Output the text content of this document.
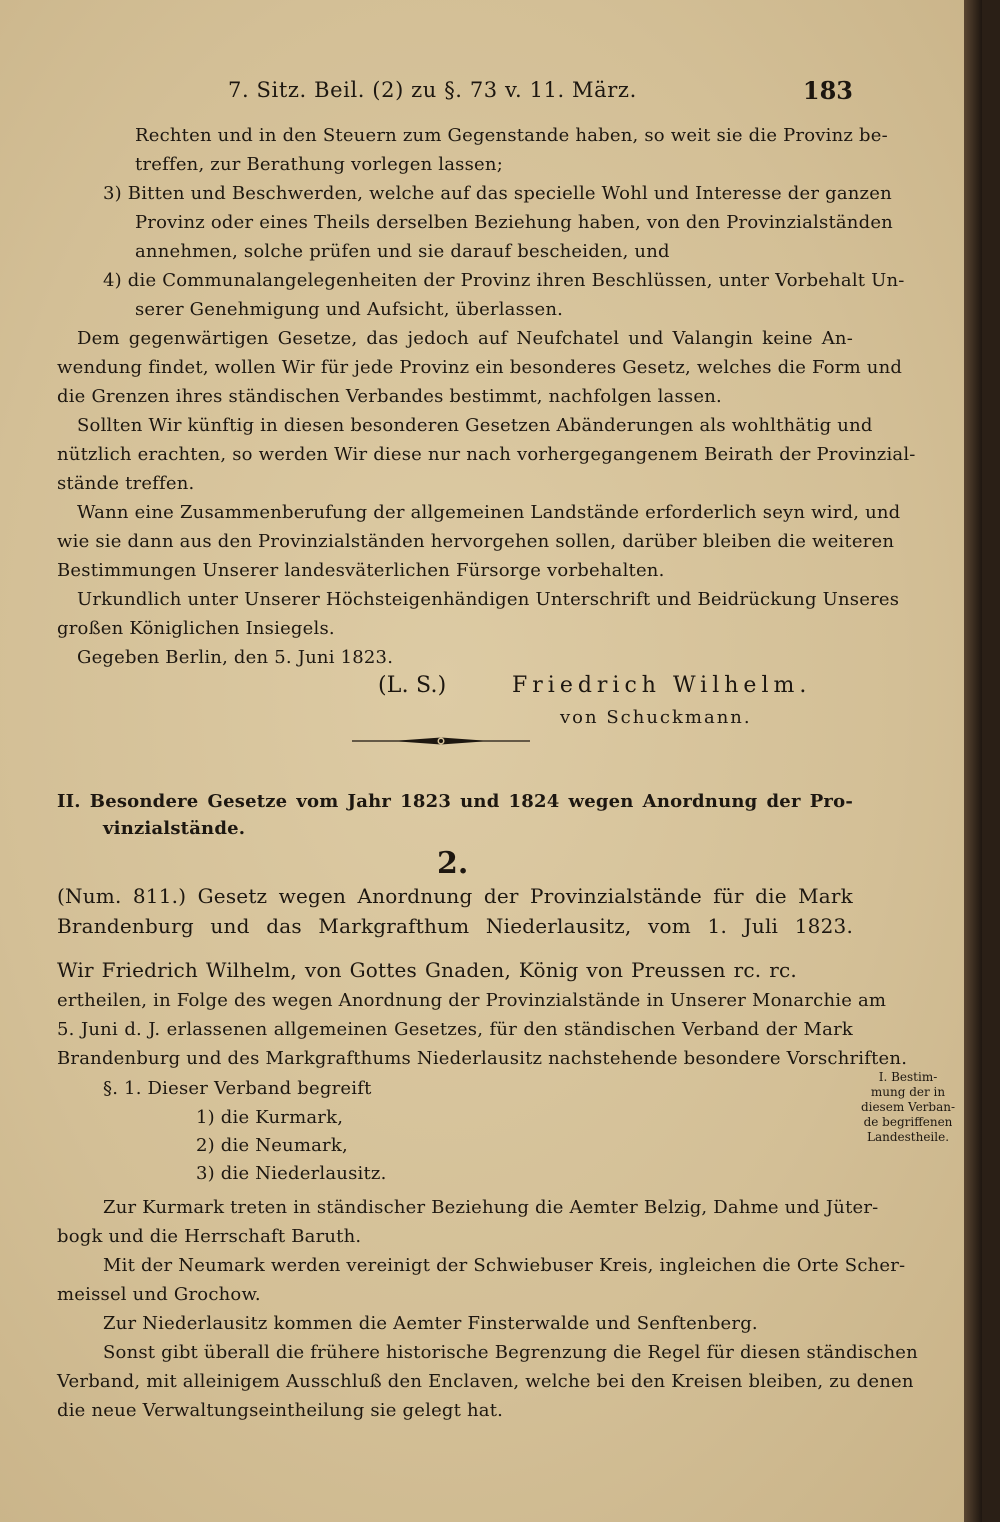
7. Sitz. Beil. (2) zu §. 73 v. 11. März.	183
Rechten und in den Steuern zum Gegenstande haben, so weit sie die Provinz be-
treffen, zur Berathung vorlegen lassen;
3) Bitten und Beschwerden, welche auf das specielle Wohl und Interesse der ganzen
Provinz oder eines Theils derselben Beziehung haben, von den Provinzialständen
annehmen, solche prüfen und sie darauf bescheiden, und
4) die Communalangelegenheiten der Provinz ihren Beschlüssen, unter Vorbehalt Un-
serer Genehmigung und Aufsicht, überlassen.
Dem gegenwärtigen Gesetze, das jedoch auf Neufchatel und Valangin keine An-
wendung findet, wollen Wir für jede Provinz ein besonderes Gesetz, welches die Form und
die Grenzen ihres ständischen Verbandes bestimmt, nachfolgen lassen.
Sollten Wir künftig in diesen besonderen Gesetzen Abänderungen als wohlthätig und
nützlich erachten, so werden Wir diese nur nach vorhergegangenem Beirath der Provinzial-
stände treffen.
Wann eine Zusammenberufung der allgemeinen Landstände erforderlich seyn wird, und
wie sie dann aus den Provinzialständen hervorgehen sollen, darüber bleiben die weiteren
Bestimmungen Unserer landesväterlichen Fürsorge vorbehalten.
Urkundlich unter Unserer Höchsteigenhändigen Unterschrift und Beidrückung Unseres
großen Königlichen Insiegels.
Gegeben Berlin, den 5. Juni 1823.
(L. S.)	Friedrich Wilhelm.
von Schuckmann.
II. Besondere Gesetze vom Jahr 1823 und 1824 wegen Anordnung der Pro-
vinzialstände.
2.
(Num. 811.) Gesetz wegen Anordnung der Provinzialstände für die Mark
Brandenburg und das Markgrafthum Niederlausitz, vom 1. Juli 1823.
Wir Friedrich Wilhelm, von Gottes Gnaden, König von Preussen rc. rc.
ertheilen, in Folge des wegen Anordnung der Provinzialstände in Unserer Monarchie am
5. Juni d. J. erlassenen allgemeinen Gesetzes, für den ständischen Verband der Mark
Brandenburg und des Markgrafthums Niederlausitz nachstehende besondere Vorschriften.
§. 1. Dieser Verband begreift
1) die Kurmark,
2) die Neumark,
3) die Niederlausitz.
I. Bestim-
mung der in
diesem Verban-
de begriffenen
Landestheile.
Zur Kurmark treten in ständischer Beziehung die Aemter Belzig, Dahme und Jüter-
bogk und die Herrschaft Baruth.
Mit der Neumark werden vereinigt der Schwiebuser Kreis, ingleichen die Orte Scher-
meissel und Grochow.
Zur Niederlausitz kommen die Aemter Finsterwalde und Senftenberg.
Sonst gibt überall die frühere historische Begrenzung die Regel für diesen ständischen
Verband, mit alleinigem Ausschluß den Enclaven, welche bei den Kreisen bleiben, zu denen
die neue Verwaltungseintheilung sie gelegt hat.
